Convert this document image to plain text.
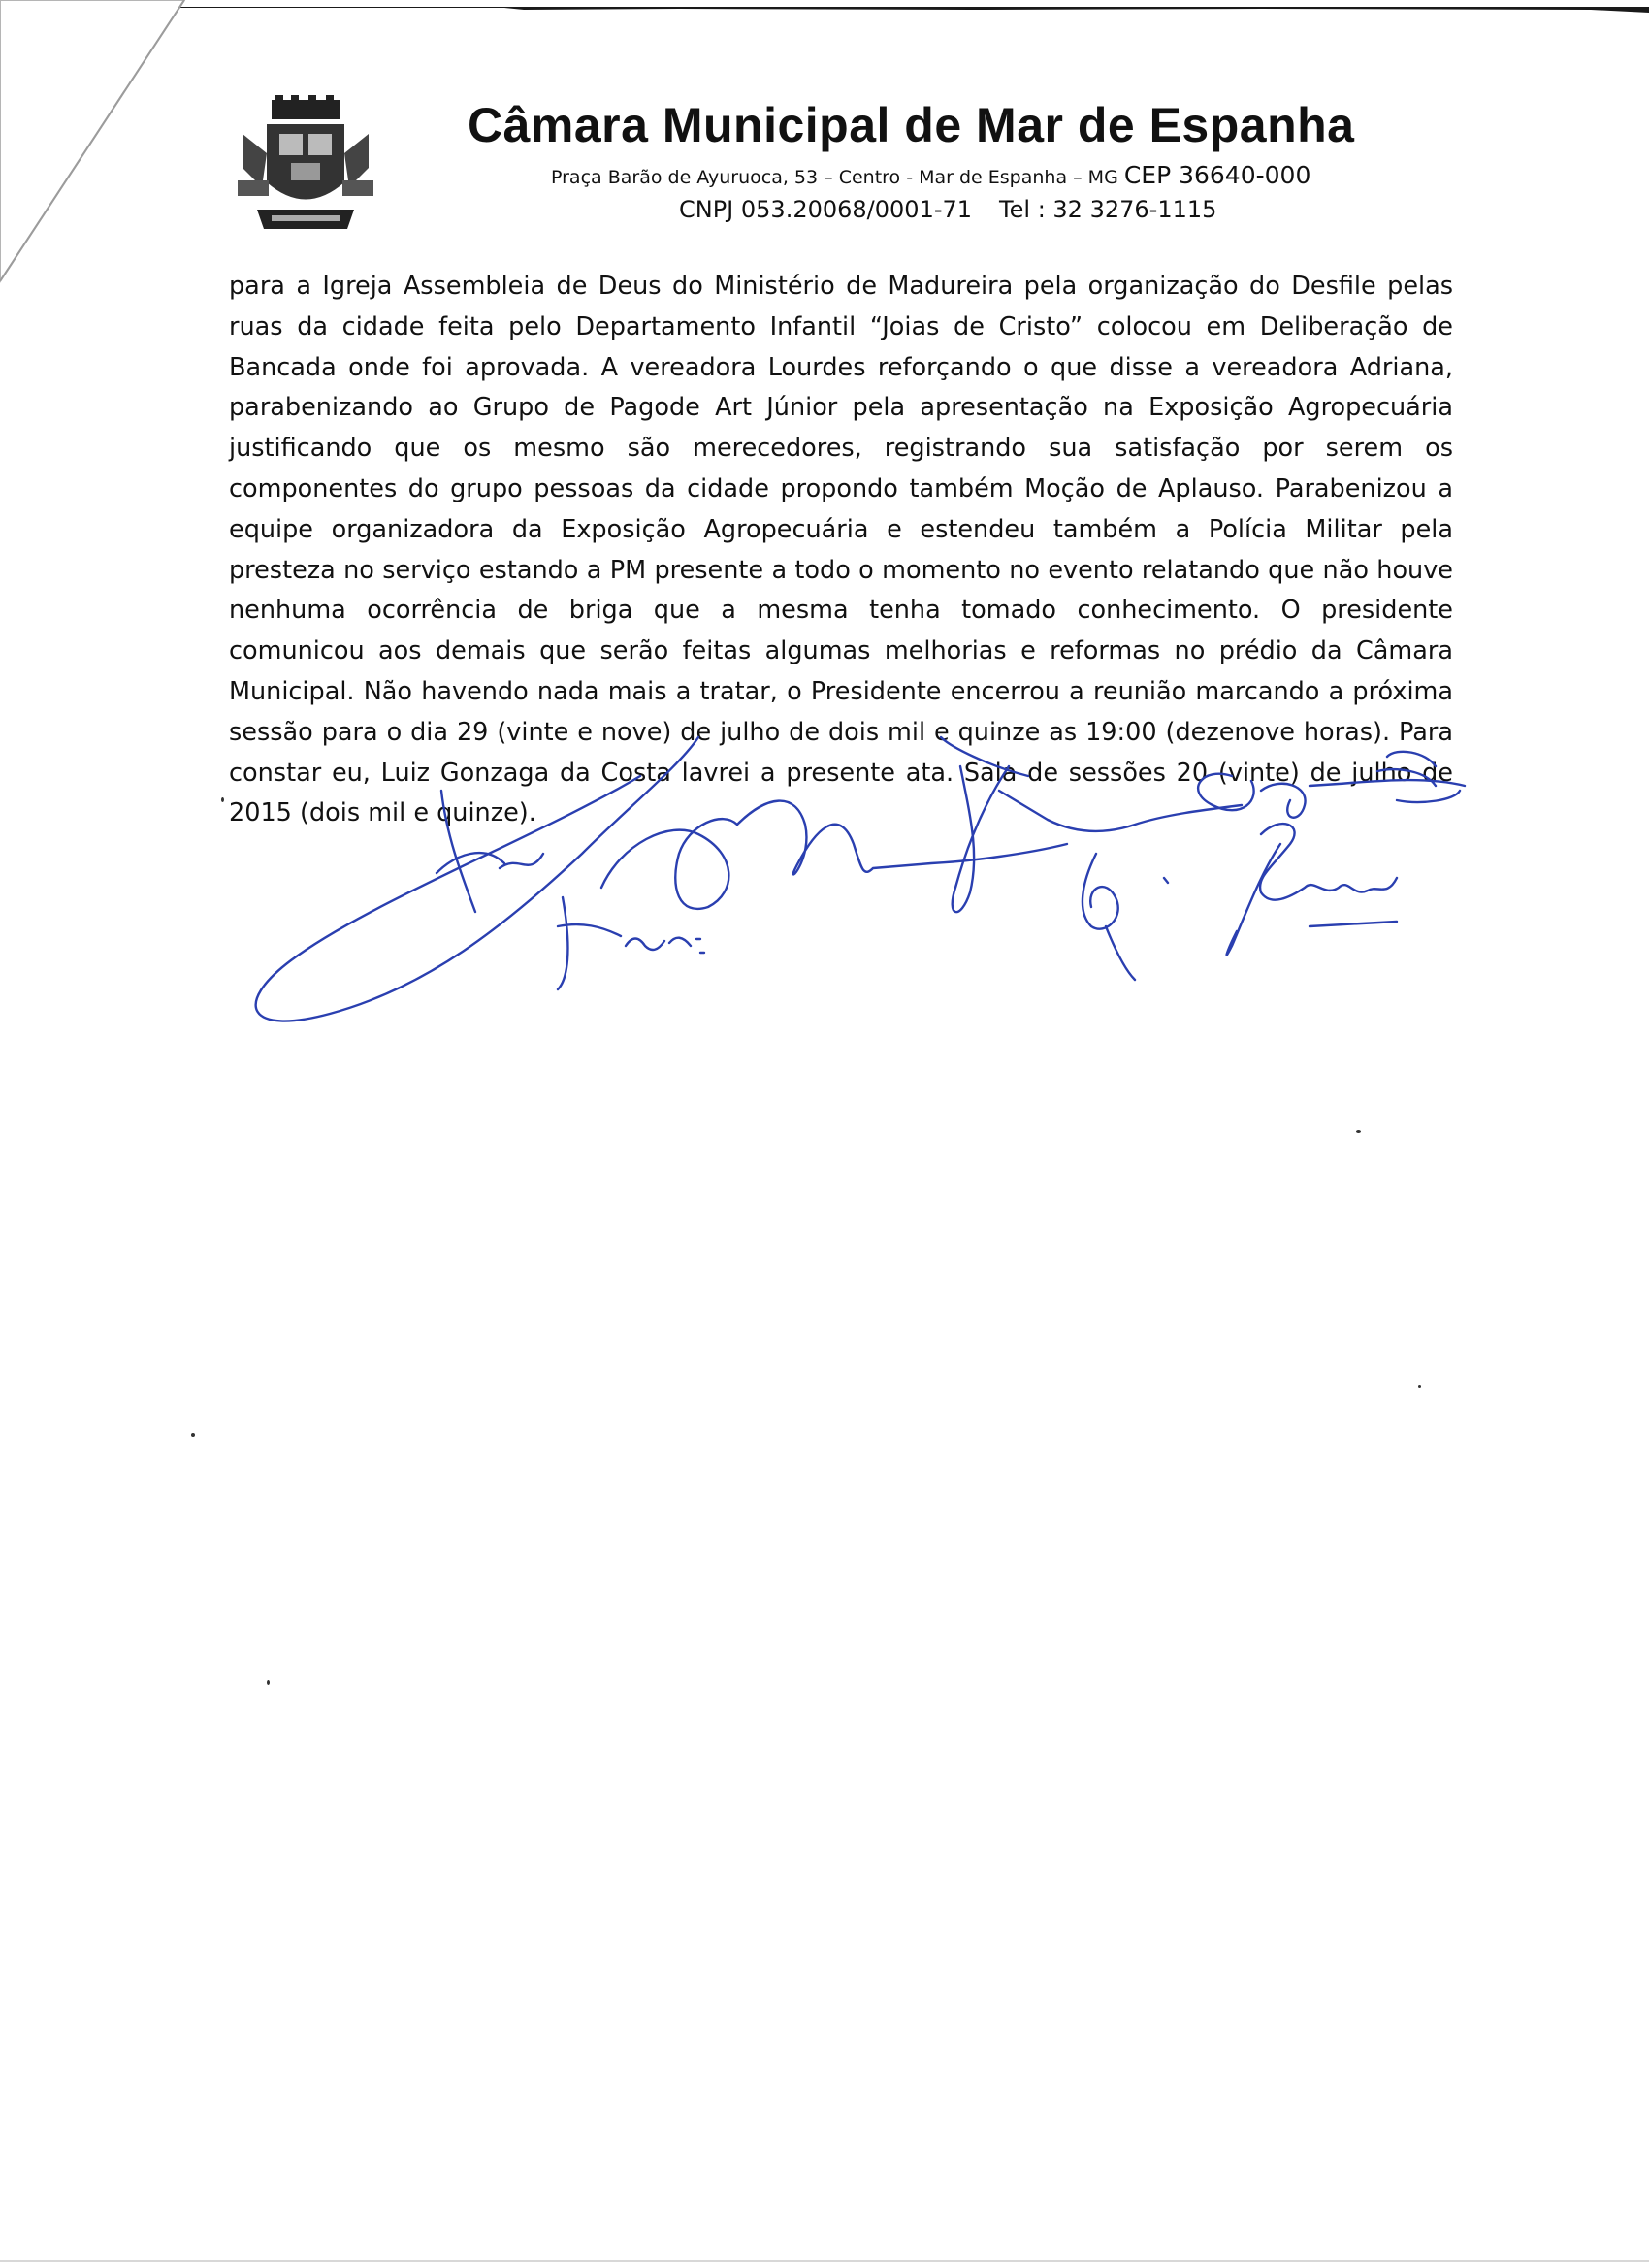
Câmara Municipal de Mar de Espanha
Praça Barão de Ayuruoca, 53 – Centro - Mar de Espanha – MG CEP 36640-000
CNPJ 053.20068/0001-71 Tel : 32 3276-1115

para a Igreja Assembleia de Deus do Ministério de Madureira pela organização do Desfile pelas ruas da cidade feita pelo Departamento Infantil “Joias de Cristo” colocou em Deliberação de Bancada onde foi aprovada. A vereadora Lourdes reforçando o que disse a vereadora Adriana, parabenizando ao Grupo de Pagode Art Júnior pela apresentação na Exposição Agropecuária justificando que os mesmo são merecedores, registrando sua satisfação por serem os componentes do grupo pessoas da cidade propondo também Moção de Aplauso. Parabenizou a equipe organizadora da Exposição Agropecuária e estendeu também a Polícia Militar pela presteza no serviço estando a PM presente a todo o momento no evento relatando que não houve nenhuma ocorrência de briga que a mesma tenha tomado conhecimento. O presidente comunicou aos demais que serão feitas algumas melhorias e reformas no prédio da Câmara Municipal. Não havendo nada mais a tratar, o Presidente encerrou a reunião marcando a próxima sessão para o dia 29 (vinte e nove) de julho de dois mil e quinze as 19:00 (dezenove horas). Para constar eu, Luiz Gonzaga da Costa lavrei a presente ata. Sala de sessões 20 (vinte) de julho de 2015 (dois mil e quinze).
